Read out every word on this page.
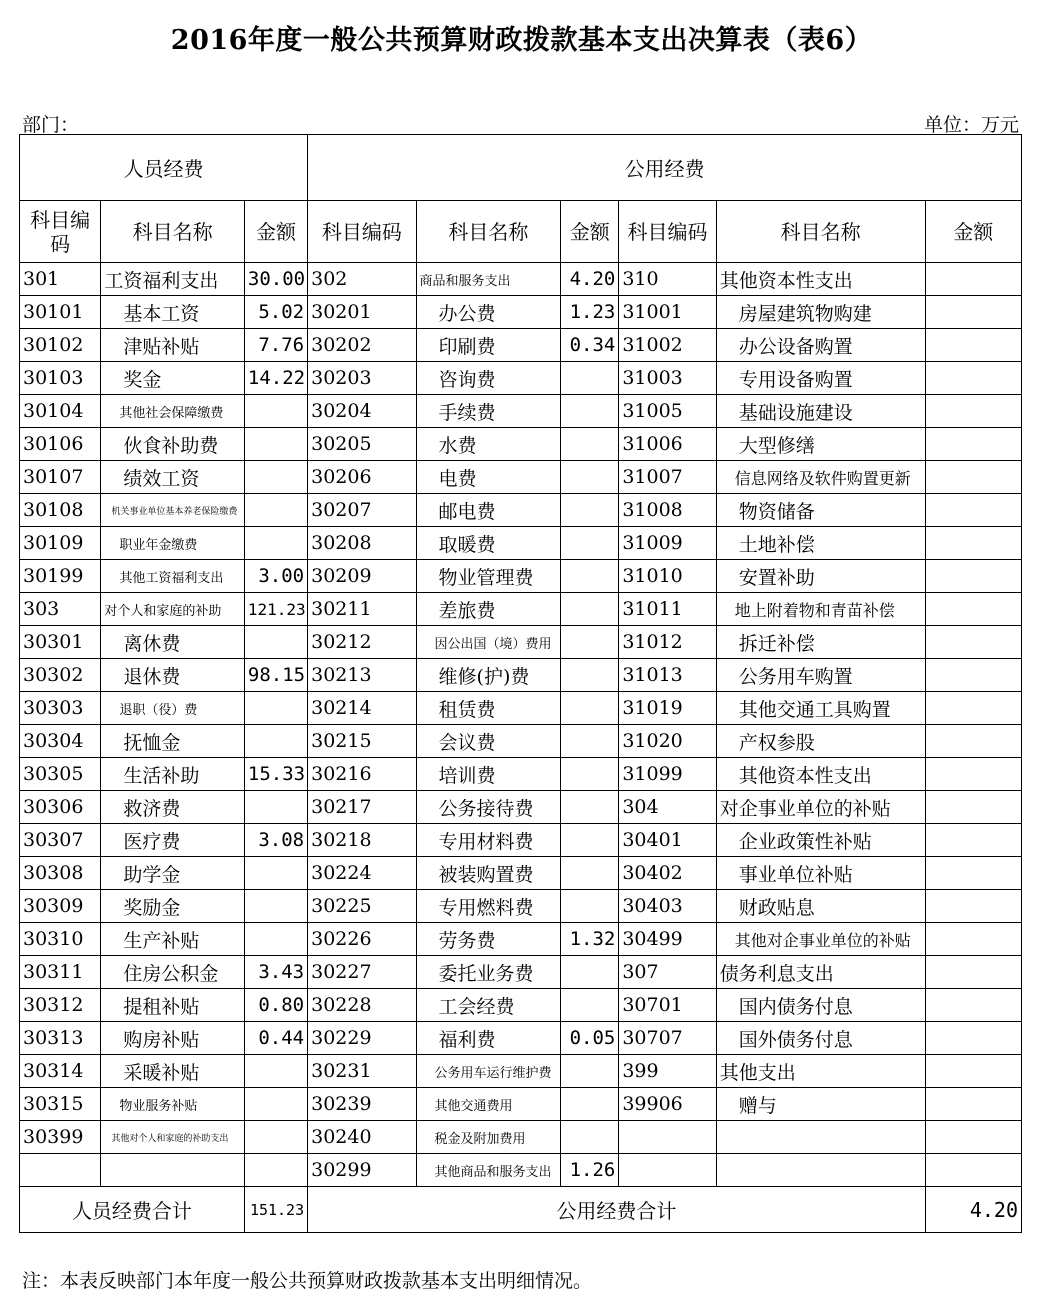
2016年度一般公共预算财政拨款基本支出决算表（表6）
部门：	单位：万元
人员经费			公用经费					
科目编码	科目名称	金额	科目编码	科目名称	金额	科目编码	科目名称	金额
301	工资福利支出	30.00	302	商品和服务支出	4.20	310	其他资本性支出	
30101	基本工资	5.02	30201	办公费	1.23	31001	房屋建筑物购建	
30102	津贴补贴	7.76	30202	印刷费	0.34	31002	办公设备购置	
30103	奖金	14.22	30203	咨询费		31003	专用设备购置	
30104	其他社会保障缴费		30204	手续费		31005	基础设施建设	
30106	伙食补助费		30205	水费		31006	大型修缮	
30107	绩效工资		30206	电费		31007	信息网络及软件购置更新	
30108	机关事业单位基本养老保险缴费		30207	邮电费		31008	物资储备	
30109	职业年金缴费		30208	取暖费		31009	土地补偿	
30199	其他工资福利支出	3.00	30209	物业管理费		31010	安置补助	
303	对个人和家庭的补助	121.23	30211	差旅费		31011	地上附着物和青苗补偿	
30301	离休费		30212	因公出国（境）费用		31012	拆迁补偿	
30302	退休费	98.15	30213	维修(护)费		31013	公务用车购置	
30303	退职（役）费		30214	租赁费		31019	其他交通工具购置	
30304	抚恤金		30215	会议费		31020	产权参股	
30305	生活补助	15.33	30216	培训费		31099	其他资本性支出	
30306	救济费		30217	公务接待费		304	对企事业单位的补贴	
30307	医疗费	3.08	30218	专用材料费		30401	企业政策性补贴	
30308	助学金		30224	被装购置费		30402	事业单位补贴	
30309	奖励金		30225	专用燃料费		30403	财政贴息	
30310	生产补贴		30226	劳务费	1.32	30499	其他对企事业单位的补贴	
30311	住房公积金	3.43	30227	委托业务费		307	债务利息支出	
30312	提租补贴	0.80	30228	工会经费		30701	国内债务付息	
30313	购房补贴	0.44	30229	福利费	0.05	30707	国外债务付息	
30314	采暖补贴		30231	公务用车运行维护费		399	其他支出	
30315	物业服务补贴		30239	其他交通费用		39906	赠与	
30399	其他对个人和家庭的补助支出		30240	税金及附加费用				
			30299	其他商品和服务支出	1.26			
人员经费合计		151.23	公用经费合计					4.20
注：本表反映部门本年度一般公共预算财政拨款基本支出明细情况。
